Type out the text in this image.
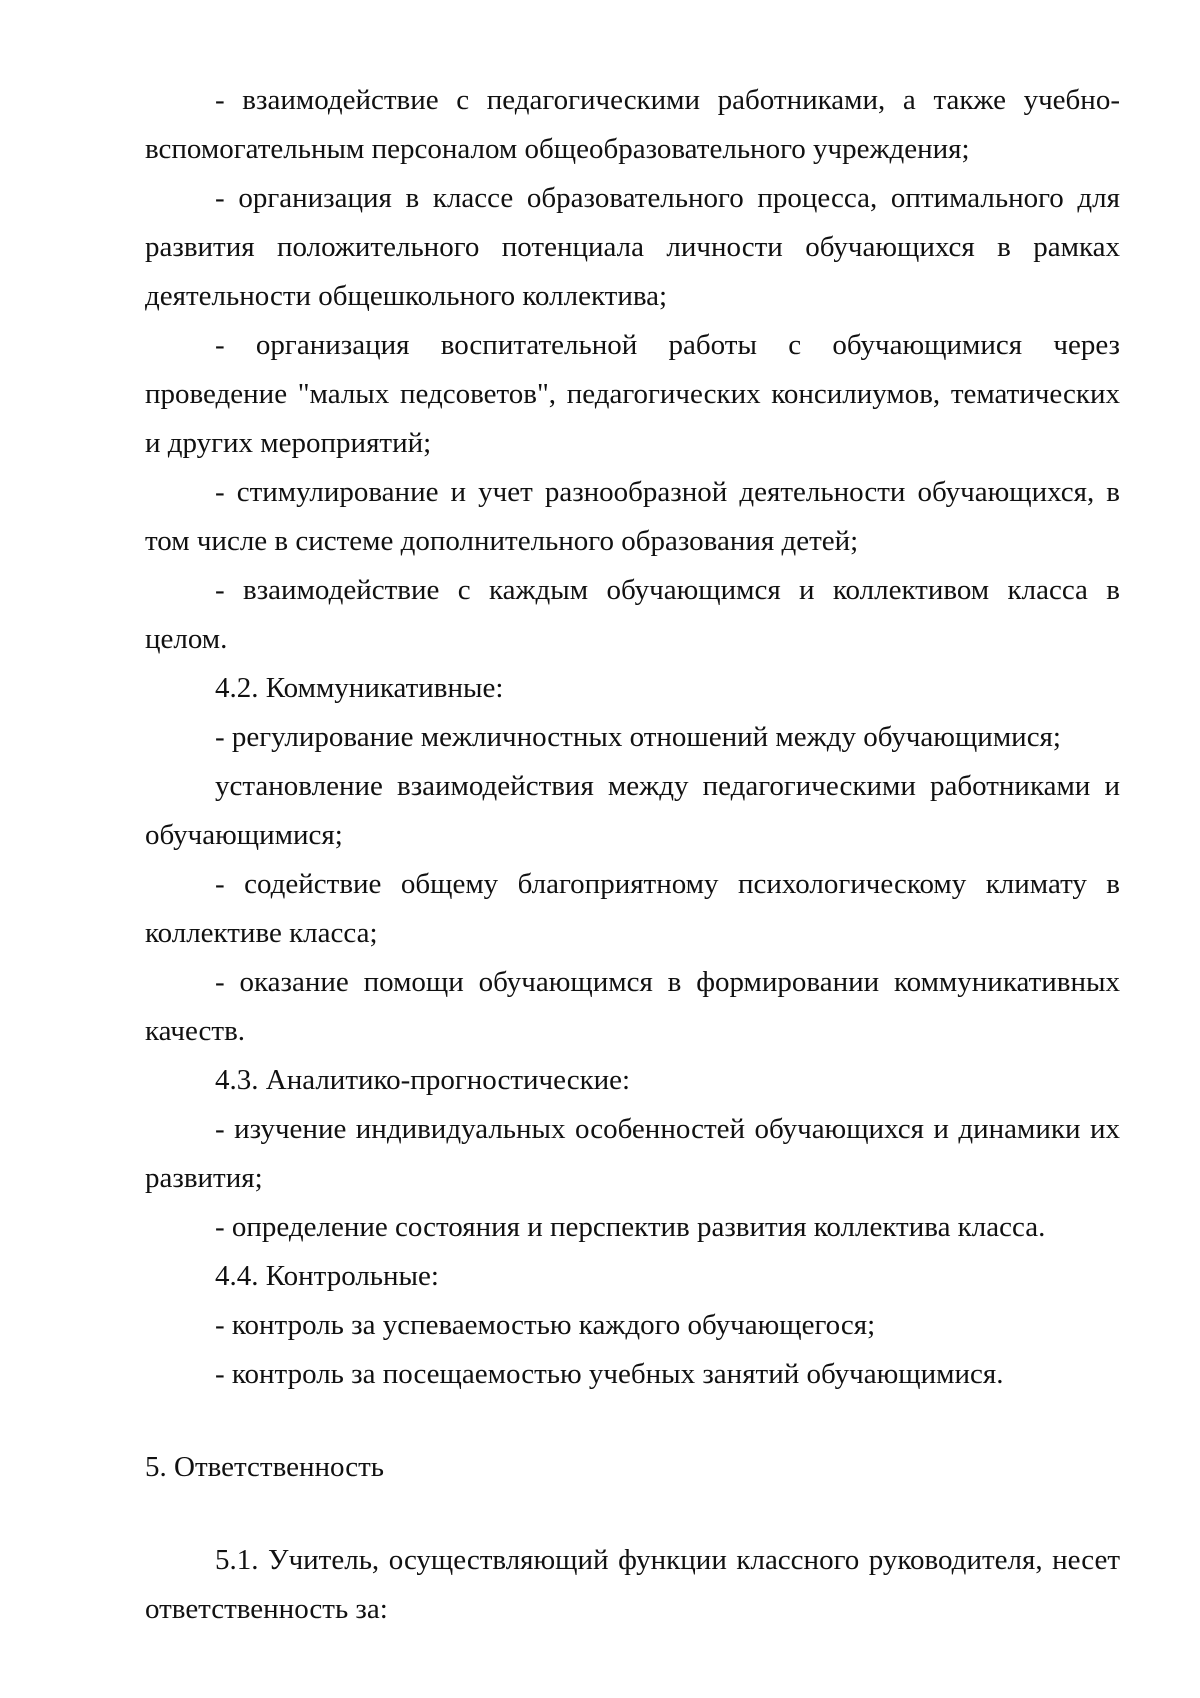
- взаимодействие с педагогическими работниками, а также учебно-вспомогательным персоналом общеобразовательного учреждения;

- организация в классе образовательного процесса, оптимального для развития положительного потенциала личности обучающихся в рамках деятельности общешкольного коллектива;

- организация воспитательной работы с обучающимися через проведение "малых педсоветов", педагогических консилиумов, тематических и других мероприятий;

- стимулирование и учет разнообразной деятельности обучающихся, в том числе в системе дополнительного образования детей;

- взаимодействие с каждым обучающимся и коллективом класса в целом.

4.2. Коммуникативные:

- регулирование межличностных отношений между обучающимися;

установление взаимодействия между педагогическими работниками и обучающимися;

- содействие общему благоприятному психологическому климату в коллективе класса;

- оказание помощи обучающимся в формировании коммуникативных качеств.

4.3. Аналитико-прогностические:

- изучение индивидуальных особенностей обучающихся и динамики их развития;

- определение состояния и перспектив развития коллектива класса.

4.4. Контрольные:

- контроль за успеваемостью каждого обучающегося;

- контроль за посещаемостью учебных занятий обучающимися.

5. Ответственность

5.1. Учитель, осуществляющий функции классного руководителя, несет ответственность за:
